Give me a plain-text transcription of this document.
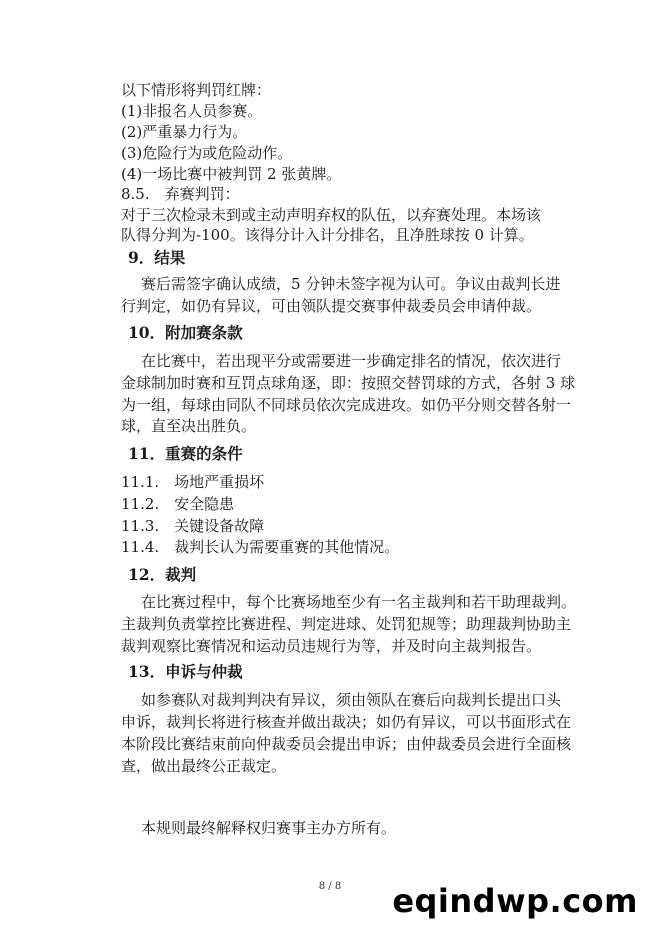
以下情形将判罚红牌：
(1)非报名人员参赛。
(2)严重暴力行为。
(3)危险行为或危险动作。
(4)一场比赛中被判罚 2 张黄牌。
8.5.　弃赛判罚：
对于三次检录未到或主动声明弃权的队伍，以弃赛处理。本场该
队得分判为-100。该得分计入计分排名，且净胜球按 0 计算。
9．结果
赛后需签字确认成绩，5 分钟未签字视为认可。争议由裁判长进
行判定，如仍有异议，可由领队提交赛事仲裁委员会申请仲裁。
10．附加赛条款
在比赛中，若出现平分或需要进一步确定排名的情况，依次进行
金球制加时赛和互罚点球角逐，即：按照交替罚球的方式，各射 3 球
为一组，每球由同队不同球员依次完成进攻。如仍平分则交替各射一
球，直至决出胜负。
11．重赛的条件
11.1.　场地严重损坏
11.2.　安全隐患
11.3.　关键设备故障
11.4.　裁判长认为需要重赛的其他情况。
12．裁判
在比赛过程中，每个比赛场地至少有一名主裁判和若干助理裁判。
主裁判负责掌控比赛进程、判定进球、处罚犯规等；助理裁判协助主
裁判观察比赛情况和运动员违规行为等，并及时向主裁判报告。
13．申诉与仲裁
如参赛队对裁判判决有异议，须由领队在赛后向裁判长提出口头
申诉，裁判长将进行核查并做出裁决；如仍有异议，可以书面形式在
本阶段比赛结束前向仲裁委员会提出申诉；由仲裁委员会进行全面核
查，做出最终公正裁定。
本规则最终解释权归赛事主办方所有。
8 / 8	eqindwp.com
